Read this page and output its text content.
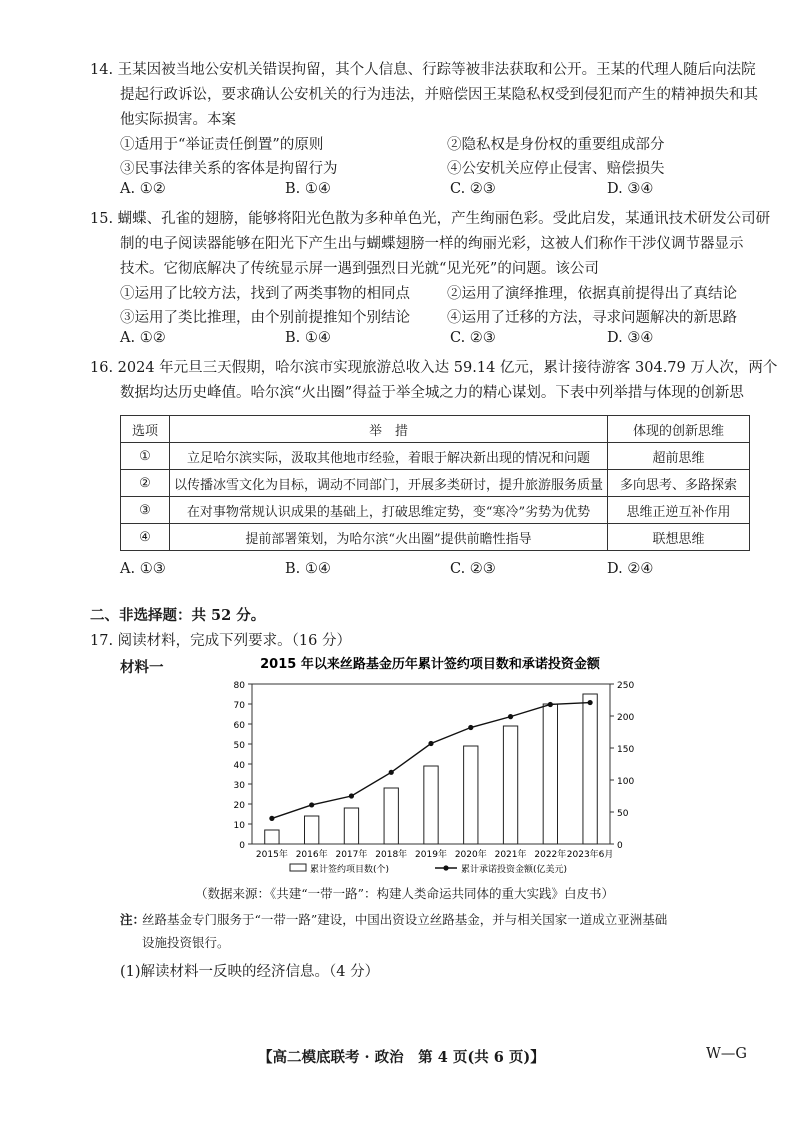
14. 王某因被当地公安机关错误拘留，其个人信息、行踪等被非法获取和公开。王某的代理人随后向法院
提起行政诉讼，要求确认公安机关的行为违法，并赔偿因王某隐私权受到侵犯而产生的精神损失和其
他实际损害。本案
①适用于“举证责任倒置”的原则	②隐私权是身份权的重要组成部分
③民事法律关系的客体是拘留行为	④公安机关应停止侵害、赔偿损失
A. ①②	B. ①④	C. ②③	D. ③④
15. 蝴蝶、孔雀的翅膀，能够将阳光色散为多种单色光，产生绚丽色彩。受此启发，某通讯技术研发公司研
制的电子阅读器能够在阳光下产生出与蝴蝶翅膀一样的绚丽光彩，这被人们称作干涉仪调节器显示
技术。它彻底解决了传统显示屏一遇到强烈日光就“见光死”的问题。该公司
①运用了比较方法，找到了两类事物的相同点	②运用了演绎推理，依据真前提得出了真结论
③运用了类比推理，由个别前提推知个别结论	④运用了迁移的方法，寻求问题解决的新思路
A. ①②	B. ①④	C. ②③	D. ③④
16. 2024 年元旦三天假期，哈尔滨市实现旅游总收入达 59.14 亿元，累计接待游客 304.79 万人次，两个
数据均达历史峰值。哈尔滨“火出圈”得益于举全城之力的精心谋划。下表中列举措与体现的创新思
选项	举　措	体现的创新思维
①	立足哈尔滨实际，汲取其他地市经验，着眼于解决新出现的情况和问题	超前思维
②	以传播冰雪文化为目标，调动不同部门，开展多类研讨，提升旅游服务质量	多向思考、多路探索
③	在对事物常规认识成果的基础上，打破思维定势，变“寒冷”劣势为优势	思维正逆互补作用
④	提前部署策划，为哈尔滨“火出圈”提供前瞻性指导	联想思维
A. ①③	B. ①④	C. ②③	D. ②④
二、非选择题：共 52 分。
17. 阅读材料，完成下列要求。（16 分）
材料一	2015 年以来丝路基金历年累计签约项目数和承诺投资金额
0
10
20
30
40
50
60
70
80
0
50
100
150
200
250
2015年 2016年 2017年 2018年 2019年 2020年 2021年 2022年 2023年6月
累计签约项目数(个)	累计承诺投资金额(亿美元)
（数据来源：《共建“一带一路”：构建人类命运共同体的重大实践》白皮书）
注：
丝路基金专门服务于“一带一路”建设，中国出资设立丝路基金，并与相关国家一道成立亚洲基础
设施投资银行。
(1)解读材料一反映的经济信息。（4 分）
【高二模底联考 · 政治　第 4 页(共 6 页)】	W—G
